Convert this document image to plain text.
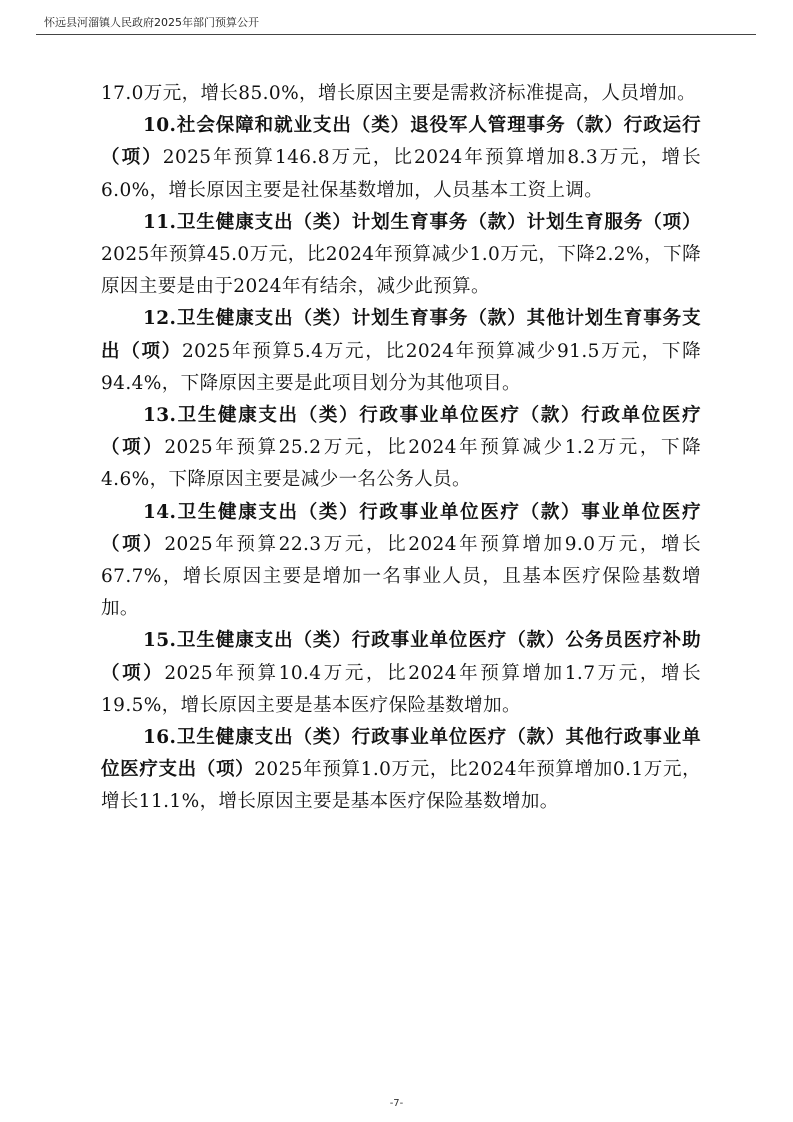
怀远县河溜镇人民政府2025年部门预算公开

17.0万元，增长85.0%，增长原因主要是需救济标准提高，人员增加。

10.社会保障和就业支出（类）退役军人管理事务（款）行政运行（项）2025年预算146.8万元，比2024年预算增加8.3万元，增长6.0%，增长原因主要是社保基数增加，人员基本工资上调。

11.卫生健康支出（类）计划生育事务（款）计划生育服务（项）2025年预算45.0万元，比2024年预算减少1.0万元，下降2.2%，下降原因主要是由于2024年有结余，减少此预算。

12.卫生健康支出（类）计划生育事务（款）其他计划生育事务支出（项）2025年预算5.4万元，比2024年预算减少91.5万元，下降94.4%，下降原因主要是此项目划分为其他项目。

13.卫生健康支出（类）行政事业单位医疗（款）行政单位医疗（项）2025年预算25.2万元，比2024年预算减少1.2万元，下降4.6%，下降原因主要是减少一名公务人员。

14.卫生健康支出（类）行政事业单位医疗（款）事业单位医疗（项）2025年预算22.3万元，比2024年预算增加9.0万元，增长67.7%，增长原因主要是增加一名事业人员，且基本医疗保险基数增加。

15.卫生健康支出（类）行政事业单位医疗（款）公务员医疗补助（项）2025年预算10.4万元，比2024年预算增加1.7万元，增长19.5%，增长原因主要是基本医疗保险基数增加。

16.卫生健康支出（类）行政事业单位医疗（款）其他行政事业单位医疗支出（项）2025年预算1.0万元，比2024年预算增加0.1万元，增长11.1%，增长原因主要是基本医疗保险基数增加。

-7-
